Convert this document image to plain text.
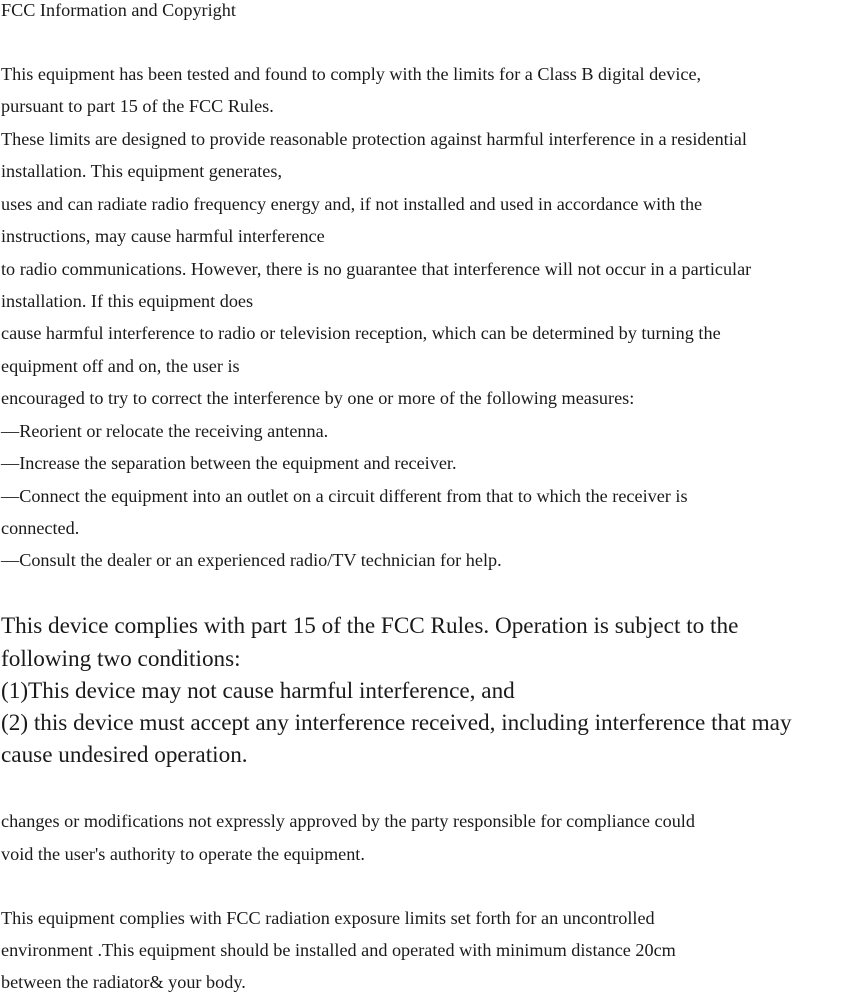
FCC Information and Copyright
This equipment has been tested and found to comply with the limits for a Class B digital device,
pursuant to part 15 of the FCC Rules.
These limits are designed to provide reasonable protection against harmful interference in a residential
installation. This equipment generates,
uses and can radiate radio frequency energy and, if not installed and used in accordance with the
instructions, may cause harmful interference
to radio communications. However, there is no guarantee that interference will not occur in a particular
installation. If this equipment does
cause harmful interference to radio or television reception, which can be determined by turning the
equipment off and on, the user is
encouraged to try to correct the interference by one or more of the following measures:
—Reorient or relocate the receiving antenna.
—Increase the separation between the equipment and receiver.
—Connect the equipment into an outlet on a circuit different from that to which the receiver is
connected.
—Consult the dealer or an experienced radio/TV technician for help.
This device complies with part 15 of the FCC Rules. Operation is subject to the
following two conditions:
(1)This device may not cause harmful interference, and
(2) this device must accept any interference received, including interference that may
cause undesired operation.
changes or modifications not expressly approved by the party responsible for compliance could
void the user's authority to operate the equipment.
This equipment complies with FCC radiation exposure limits set forth for an uncontrolled
environment .This equipment should be installed and operated with minimum distance 20cm
between the radiator& your body.
